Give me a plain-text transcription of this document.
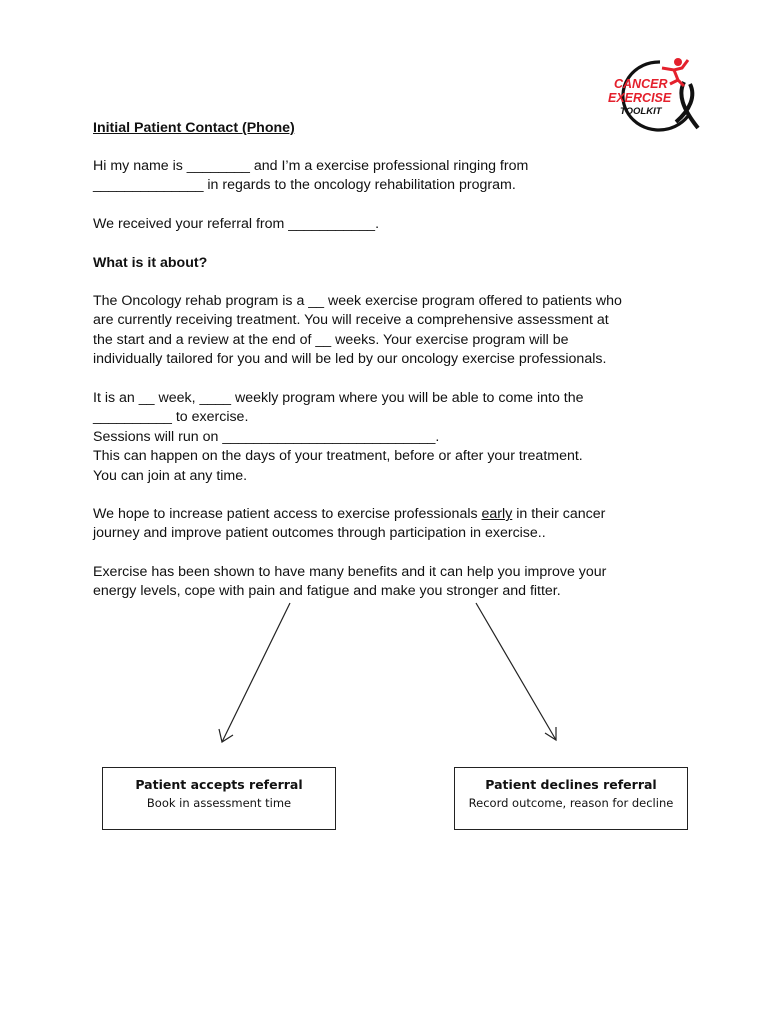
CANCER
EXERCISE
TOOLKIT
Initial Patient Contact (Phone)
Hi my name is ________ and I’m a exercise professional ringing from
______________ in regards to the oncology rehabilitation program.
We received your referral from ___________.
What is it about?
The Oncology rehab program is a __ week exercise program offered to patients who
are currently receiving treatment. You will receive a comprehensive assessment at
the start and a review at the end of __ weeks. Your exercise program will be
individually tailored for you and will be led by our oncology exercise professionals.
It is an __ week, ____ weekly program where you will be able to come into the
__________ to exercise.
Sessions will run on ___________________________.
This can happen on the days of your treatment, before or after your treatment.
You can join at any time.
We hope to increase patient access to exercise professionals early in their cancer
journey and improve patient outcomes through participation in exercise..
Exercise has been shown to have many benefits and it can help you improve your
energy levels, cope with pain and fatigue and make you stronger and fitter.
Patient accepts referral
Book in assessment time
Patient declines referral
Record outcome, reason for decline
